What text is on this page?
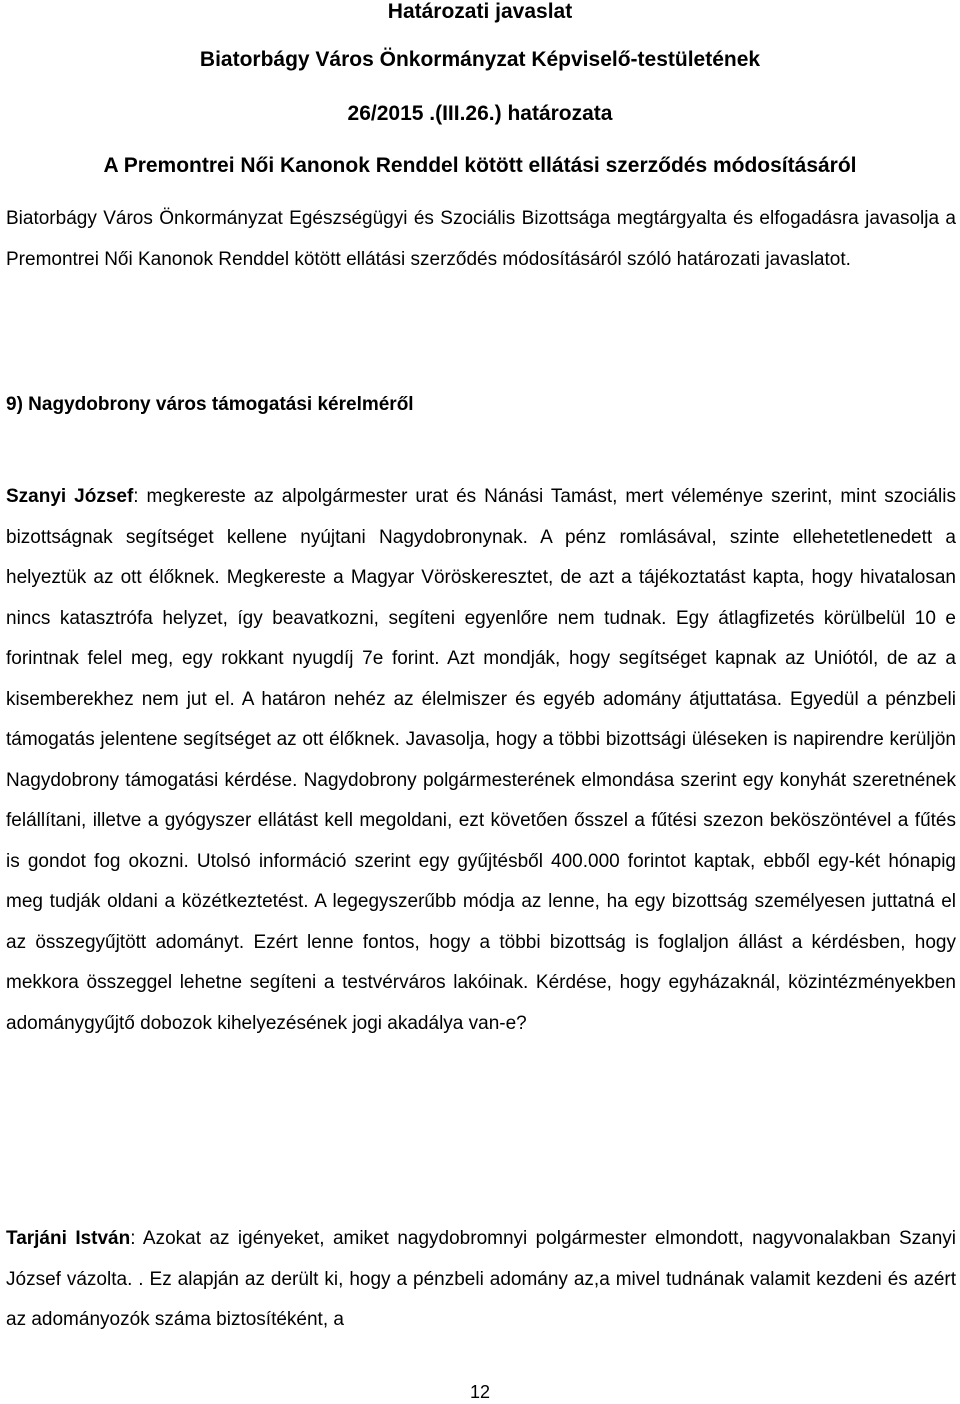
Határozati javaslat
Biatorbágy Város Önkormányzat Képviselő-testületének
26/2015 .(III.26.) határozata
A Premontrei Női Kanonok Renddel kötött ellátási szerződés módosításáról
Biatorbágy Város Önkormányzat Egészségügyi és Szociális Bizottsága megtárgyalta és elfogadásra javasolja a Premontrei Női Kanonok Renddel kötött ellátási szerződés módosításáról szóló határozati javaslatot.
9) Nagydobrony város támogatási kérelméről
Szanyi József: megkereste az alpolgármester urat és Nánási Tamást, mert véleménye szerint, mint szociális bizottságnak segítséget kellene nyújtani Nagydobronynak. A pénz romlásával, szinte ellehetetlenedett a helyeztük az ott élőknek. Megkereste a Magyar Vöröskeresztet, de azt a tájékoztatást kapta, hogy hivatalosan nincs katasztrófa helyzet, így beavatkozni, segíteni egyenlőre nem tudnak. Egy átlagfizetés körülbelül 10 e forintnak felel meg, egy rokkant nyugdíj 7e forint. Azt mondják, hogy segítséget kapnak az Uniótól, de az a kisemberekhez nem jut el. A határon nehéz az élelmiszer és egyéb adomány átjuttatása. Egyedül a pénzbeli támogatás jelentene segítséget az ott élőknek. Javasolja, hogy a többi bizottsági üléseken is napirendre kerüljön Nagydobrony támogatási kérdése. Nagydobrony polgármesterének elmondása szerint egy konyhát szeretnének felállítani, illetve a gyógyszer ellátást kell megoldani, ezt követően ősszel a fűtési szezon beköszöntével a fűtés is gondot fog okozni. Utolsó információ szerint egy gyűjtésből 400.000 forintot kaptak, ebből egy-két hónapig meg tudják oldani a közétkeztetést. A legegyszerűbb módja az lenne, ha egy bizottság személyesen juttatná el az összegyűjtött adományt. Ezért lenne fontos, hogy a többi bizottság is foglaljon állást a kérdésben, hogy mekkora összeggel lehetne segíteni a testvérváros lakóinak. Kérdése, hogy egyházaknál, közintézményekben adománygyűjtő dobozok kihelyezésének jogi akadálya van-e?
Tarjáni István: Azokat az igényeket, amiket nagydobromnyi polgármester elmondott, nagyvonalakban Szanyi József vázolta. . Ez alapján az derült ki, hogy a pénzbeli adomány az,a mivel tudnának valamit kezdeni és azért az adományozók száma biztosítéként, a
12
